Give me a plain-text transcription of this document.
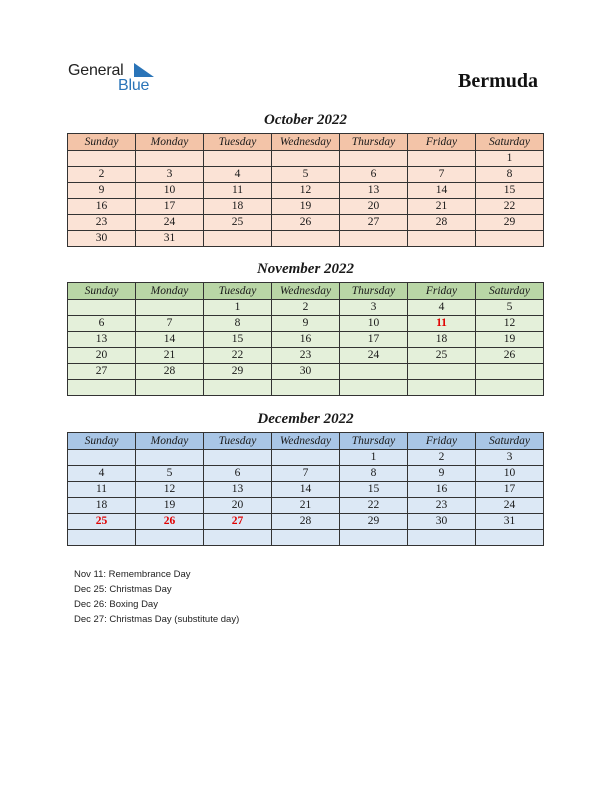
General
Blue	Bermuda
October 2022
Sunday	Monday	Tuesday	Wednesday	Thursday	Friday	Saturday
						1
2	3	4	5	6	7	8
9	10	11	12	13	14	15
16	17	18	19	20	21	22
23	24	25	26	27	28	29
30	31					
November 2022
Sunday	Monday	Tuesday	Wednesday	Thursday	Friday	Saturday
		1	2	3	4	5
6	7	8	9	10	11	12
13	14	15	16	17	18	19
20	21	22	23	24	25	26
27	28	29	30			

December 2022
Sunday	Monday	Tuesday	Wednesday	Thursday	Friday	Saturday
				1	2	3
4	5	6	7	8	9	10
11	12	13	14	15	16	17
18	19	20	21	22	23	24
25	26	27	28	29	30	31

Nov 11: Remembrance Day
Dec 25: Christmas Day
Dec 26: Boxing Day
Dec 27: Christmas Day (substitute day)
